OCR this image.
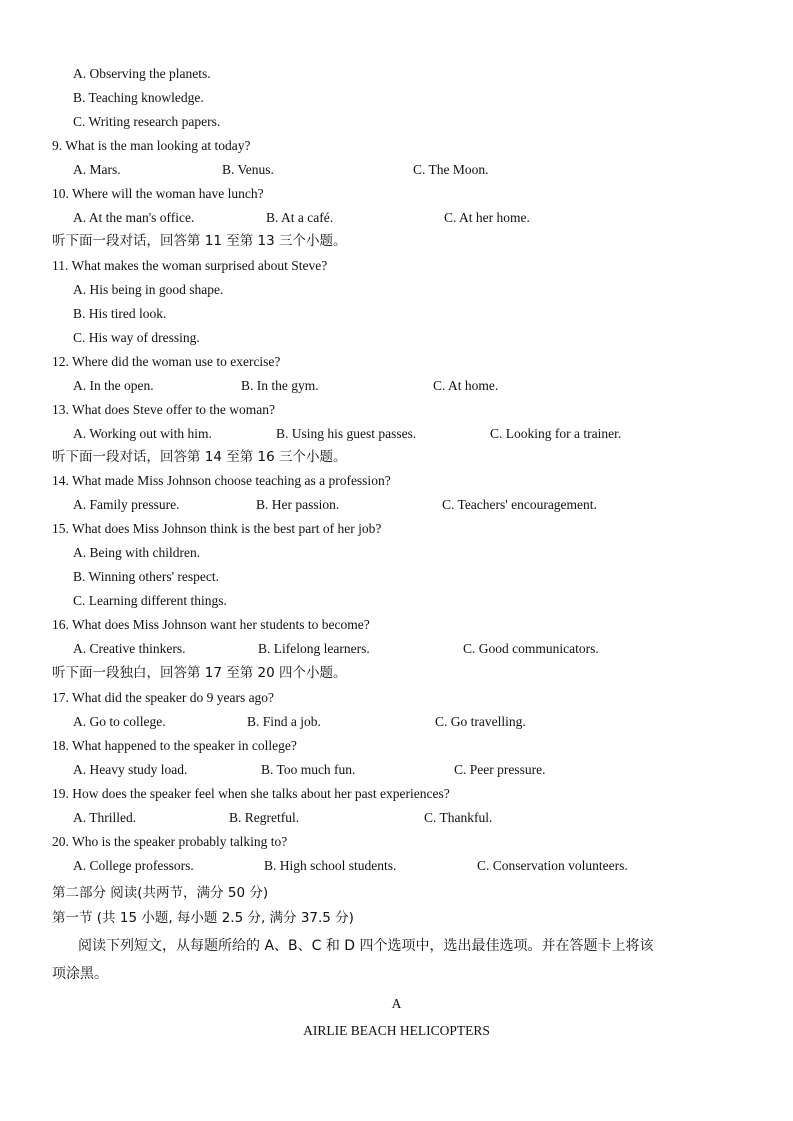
A. Observing the planets.
B. Teaching knowledge.
C. Writing research papers.
9. What is the man looking at today?
A. Mars.	B. Venus.	C. The Moon.
10. Where will the woman have lunch?
A. At the man's office.	B. At a café.	C. At her home.
听下面一段对话，回答第 11 至第 13 三个小题。
11. What makes the woman surprised about Steve?
A. His being in good shape.
B. His tired look.
C. His way of dressing.
12. Where did the woman use to exercise?
A. In the open.	B. In the gym.	C. At home.
13. What does Steve offer to the woman?
A. Working out with him.	B. Using his guest passes.	C. Looking for a trainer.
听下面一段对话，回答第 14 至第 16 三个小题。
14. What made Miss Johnson choose teaching as a profession?
A. Family pressure.	B. Her passion.	C. Teachers' encouragement.
15. What does Miss Johnson think is the best part of her job?
A. Being with children.
B. Winning others' respect.
C. Learning different things.
16. What does Miss Johnson want her students to become?
A. Creative thinkers.	B. Lifelong learners.	C. Good communicators.
听下面一段独白，回答第 17 至第 20 四个小题。
17. What did the speaker do 9 years ago?
A. Go to college.	B. Find a job.	C. Go travelling.
18. What happened to the speaker in college?
A. Heavy study load.	B. Too much fun.	C. Peer pressure.
19. How does the speaker feel when she talks about her past experiences?
A. Thrilled.	B. Regretful.	C. Thankful.
20. Who is the speaker probably talking to?
A. College professors.	B. High school students.	C. Conservation volunteers.
第二部分 阅读(共两节，满分 50 分)
第一节 (共 15 小题, 每小题 2.5 分, 满分 37.5 分)
阅读下列短文，从每题所给的 A、B、C 和 D 四个选项中，选出最佳选项。并在答题卡上将该
项涂黑。
A
AIRLIE BEACH HELICOPTERS
